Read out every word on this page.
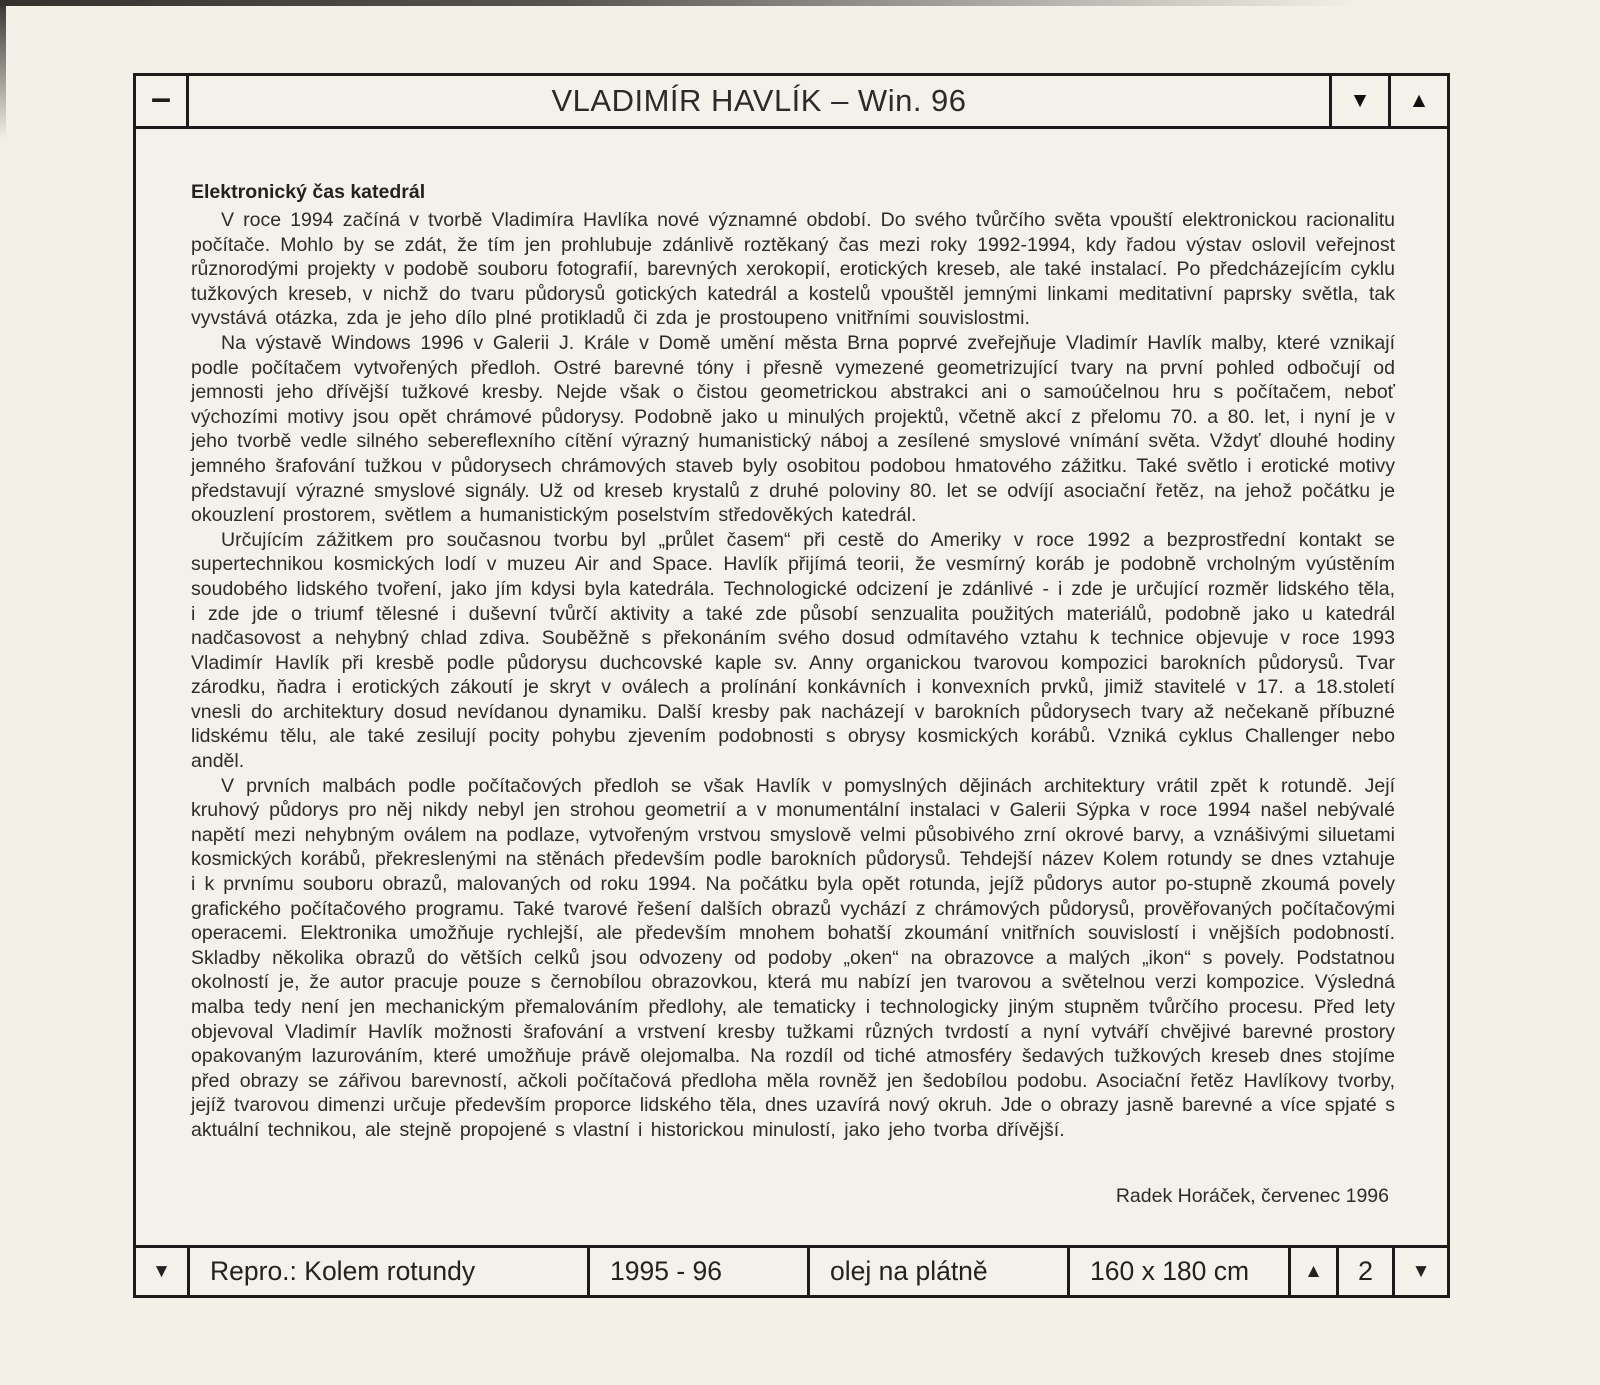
–	VLADIMÍR HAVLÍK – Win. 96	▼ ▲
Elektronický čas katedrál

V roce 1994 začíná v tvorbě Vladimíra Havlíka nové významné období. Do svého tvůrčího světa vpouští elektronickou racionalitu počítače. Mohlo by se zdát, že tím jen prohlubuje zdánlivě roztěkaný čas mezi roky 1992-1994, kdy řadou výstav oslovil veřejnost různorodými projekty v podobě souboru fotografií, barevných xerokopií, erotických kreseb, ale také instalací. Po předcházejícím cyklu tužkových kreseb, v nichž do tvaru půdorysů gotických katedrál a kostelů vpouštěl jemnými linkami meditativní paprsky světla, tak vyvstává otázka, zda je jeho dílo plné protikladů či zda je prostoupeno vnitřními souvislostmi.

Na výstavě Windows 1996 v Galerii J. Krále v Domě umění města Brna poprvé zveřejňuje Vladimír Havlík malby, které vznikají podle počítačem vytvořených předloh. Ostré barevné tóny i přesně vymezené geometrizující tvary na první pohled odbočují od jemnosti jeho dřívější tužkové kresby. Nejde však o čistou geometrickou abstrakci ani o samoúčelnou hru s počítačem, neboť výchozími motivy jsou opět chrámové půdorysy. Podobně jako u minulých projektů, včetně akcí z přelomu 70. a 80. let, i nyní je v jeho tvorbě vedle silného sebereflexního cítění výrazný humanistický náboj a zesílené smyslové vnímání světa. Vždyť dlouhé hodiny jemného šrafování tužkou v půdorysech chrámových staveb byly osobitou podobou hmatového zážitku. Také světlo i erotické motivy představují výrazné smyslové signály. Už od kreseb krystalů z druhé poloviny 80. let se odvíjí asociační řetěz, na jehož počátku je okouzlení prostorem, světlem a humanistickým poselstvím středověkých katedrál.

Určujícím zážitkem pro současnou tvorbu byl „průlet časem“ při cestě do Ameriky v roce 1992 a bezprostřední kontakt se supertechnikou kosmických lodí v muzeu Air and Space. Havlík přijímá teorii, že vesmírný koráb je podobně vrcholným vyústěním soudobého lidského tvoření, jako jím kdysi byla katedrála. Technologické odcizení je zdánlivé - i zde je určující rozměr lidského těla, i zde jde o triumf tělesné i duševní tvůrčí aktivity a také zde působí senzualita použitých materiálů, podobně jako u katedrál nadčasovost a nehybný chlad zdiva. Souběžně s překonáním svého dosud odmítavého vztahu k technice objevuje v roce 1993 Vladimír Havlík při kresbě podle půdorysu duchcovské kaple sv. Anny organickou tvarovou kompozici barokních půdorysů. Tvar zárodku, ňadra i erotických zákoutí je skryt v oválech a prolínání konkávních i konvexních prvků, jimiž stavitelé v 17. a 18.století vnesli do architektury dosud nevídanou dynamiku. Další kresby pak nacházejí v barokních půdorysech tvary až nečekaně příbuzné lidskému tělu, ale také zesilují pocity pohybu zjevením podobnosti s obrysy kosmických korábů. Vzniká cyklus Challenger nebo anděl.

V prvních malbách podle počítačových předloh se však Havlík v pomyslných dějinách architektury vrátil zpět k rotundě. Její kruhový půdorys pro něj nikdy nebyl jen strohou geometrií a v monumentální instalaci v Galerii Sýpka v roce 1994 našel nebývalé napětí mezi nehybným oválem na podlaze, vytvořeným vrstvou smyslově velmi působivého zrní okrové barvy, a vznášivými siluetami kosmických korábů, překreslenými na stěnách především podle barokních půdorysů. Tehdejší název Kolem rotundy se dnes vztahuje i k prvnímu souboru obrazů, malovaných od roku 1994. Na počátku byla opět rotunda, jejíž půdorys autor po-stupně zkoumá povely grafického počítačového programu. Také tvarové řešení dalších obrazů vychází z chrámových půdorysů, prověřovaných počítačovými operacemi. Elektronika umožňuje rychlejší, ale především mnohem bohatší zkoumání vnitřních souvislostí i vnějších podobností. Skladby několika obrazů do větších celků jsou odvozeny od podoby „oken“ na obrazovce a malých „ikon“ s povely. Podstatnou okolností je, že autor pracuje pouze s černobílou obrazovkou, která mu nabízí jen tvarovou a světelnou verzi kompozice. Výsledná malba tedy není jen mechanickým přemalováním předlohy, ale tematicky i technologicky jiným stupněm tvůrčího procesu. Před lety objevoval Vladimír Havlík možnosti šrafování a vrstvení kresby tužkami různých tvrdostí a nyní vytváří chvějivé barevné prostory opakovaným lazurováním, které umožňuje právě olejomalba. Na rozdíl od tiché atmosféry šedavých tužkových kreseb dnes stojíme před obrazy se zářivou barevností, ačkoli počítačová předloha měla rovněž jen šedobílou podobu. Asociační řetěz Havlíkovy tvorby, jejíž tvarovou dimenzi určuje především proporce lidského těla, dnes uzavírá nový okruh. Jde o obrazy jasně barevné a více spjaté s aktuální technikou, ale stejně propojené s vlastní i historickou minulostí, jako jeho tvorba dřívější.

Radek Horáček, červenec 1996
▼	Repro.: Kolem rotundy	1995 - 96	olej na plátně	160 x 180 cm	▲	2	▼
